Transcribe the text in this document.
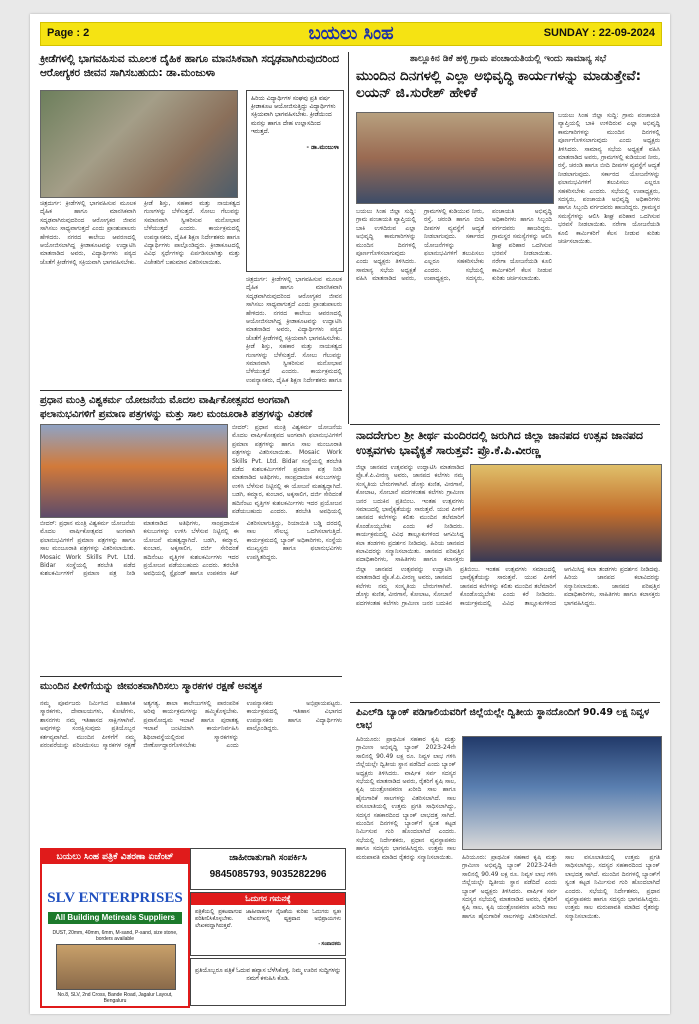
Page : 2	ಬಯಲು ಸಿಂಹ	SUNDAY : 22-09-2024
ಕ್ರೀಡೆಗಳಲ್ಲಿ ಭಾಗವಹಿಸುವ ಮೂಲಕ ದೈಹಿಕ ಹಾಗೂ ಮಾನಸಿಕವಾಗಿ ಸದೃಢವಾಗಿರುವುದರಿಂದ ಆರೋಗ್ಯಕರ ಜೀವನ ಸಾಗಿಸಬಹುದು: ಡಾ.ಮಂಜುಳಾ
ಹಿರಿಯ ವಿದ್ಯಾರ್ಥಿಗಳ ಸಂಘವು ಪ್ರತಿ ವರ್ಷ ಕ್ರೀಡಾಕೂಟ ಆಯೋಜಿಸುತ್ತಿದ್ದು ವಿದ್ಯಾರ್ಥಿಗಳು ಸಕ್ರಿಯವಾಗಿ ಭಾಗವಹಿಸಬೇಕು. ಕ್ರೀಡೆಯಿಂದ ಮನಸ್ಸು ಹಾಗೂ ದೇಹ ಉಲ್ಲಾಸದಿಂದ ಇರುತ್ತದೆ.
- ಡಾ.ಮಂಜುಳಾ
ಚಿತ್ರದುರ್ಗ: ಕ್ರೀಡೆಗಳಲ್ಲಿ ಭಾಗವಹಿಸುವ ಮೂಲಕ ದೈಹಿಕ ಹಾಗೂ ಮಾನಸಿಕವಾಗಿ ಸದೃಢವಾಗಿರುವುದರಿಂದ ಆರೋಗ್ಯಕರ ಜೀವನ ಸಾಗಿಸಲು ಸಾಧ್ಯವಾಗುತ್ತದೆ ಎಂದು ಪ್ರಾಂಶುಪಾಲರು ಹೇಳಿದರು. ನಗರದ ಕಾಲೇಜು ಆವರಣದಲ್ಲಿ ಆಯೋಜಿಸಲಾಗಿದ್ದ ಕ್ರೀಡಾಕೂಟವನ್ನು ಉದ್ಘಾಟಿಸಿ ಮಾತನಾಡಿದ ಅವರು, ವಿದ್ಯಾರ್ಥಿಗಳು ಪಠ್ಯದ ಜೊತೆಗೆ ಕ್ರೀಡೆಗಳಲ್ಲಿ ಸಕ್ರಿಯವಾಗಿ ಭಾಗವಹಿಸಬೇಕು. ಕ್ರೀಡೆ ಶಿಸ್ತು, ಸಹಕಾರ ಮತ್ತು ನಾಯಕತ್ವದ ಗುಣಗಳನ್ನು ಬೆಳೆಸುತ್ತದೆ. ಸೋಲು ಗೆಲುವನ್ನು ಸಮಾನವಾಗಿ ಸ್ವೀಕರಿಸುವ ಮನೋಭಾವ ಬೆಳೆಯುತ್ತದೆ ಎಂದರು. ಕಾರ್ಯಕ್ರಮದಲ್ಲಿ ಉಪನ್ಯಾಸಕರು, ದೈಹಿಕ ಶಿಕ್ಷಣ ನಿರ್ದೇಶಕರು ಹಾಗೂ ವಿದ್ಯಾರ್ಥಿಗಳು ಪಾಲ್ಗೊಂಡಿದ್ದರು. ಕ್ರೀಡಾಕೂಟದಲ್ಲಿ ವಿವಿಧ ಸ್ಪರ್ಧೆಗಳನ್ನು ಏರ್ಪಡಿಸಲಾಗಿತ್ತು ಮತ್ತು ವಿಜೇತರಿಗೆ ಬಹುಮಾನ ವಿತರಿಸಲಾಯಿತು.
ಚಿತ್ರದುರ್ಗ: ಕ್ರೀಡೆಗಳಲ್ಲಿ ಭಾಗವಹಿಸುವ ಮೂಲಕ ದೈಹಿಕ ಹಾಗೂ ಮಾನಸಿಕವಾಗಿ ಸದೃಢವಾಗಿರುವುದರಿಂದ ಆರೋಗ್ಯಕರ ಜೀವನ ಸಾಗಿಸಲು ಸಾಧ್ಯವಾಗುತ್ತದೆ ಎಂದು ಪ್ರಾಂಶುಪಾಲರು ಹೇಳಿದರು. ನಗರದ ಕಾಲೇಜು ಆವರಣದಲ್ಲಿ ಆಯೋಜಿಸಲಾಗಿದ್ದ ಕ್ರೀಡಾಕೂಟವನ್ನು ಉದ್ಘಾಟಿಸಿ ಮಾತನಾಡಿದ ಅವರು, ವಿದ್ಯಾರ್ಥಿಗಳು ಪಠ್ಯದ ಜೊತೆಗೆ ಕ್ರೀಡೆಗಳಲ್ಲಿ ಸಕ್ರಿಯವಾಗಿ ಭಾಗವಹಿಸಬೇಕು. ಕ್ರೀಡೆ ಶಿಸ್ತು, ಸಹಕಾರ ಮತ್ತು ನಾಯಕತ್ವದ ಗುಣಗಳನ್ನು ಬೆಳೆಸುತ್ತದೆ. ಸೋಲು ಗೆಲುವನ್ನು ಸಮಾನವಾಗಿ ಸ್ವೀಕರಿಸುವ ಮನೋಭಾವ ಬೆಳೆಯುತ್ತದೆ ಎಂದರು. ಕಾರ್ಯಕ್ರಮದಲ್ಲಿ ಉಪನ್ಯಾಸಕರು, ದೈಹಿಕ ಶಿಕ್ಷಣ ನಿರ್ದೇಶಕರು ಹಾಗೂ
ತಾಲ್ಲೂಕಿನ ಡಿಕೆ ಹಳ್ಳಿ ಗ್ರಾಮ ಪಂಚಾಯತಿಯಲ್ಲಿ ಇಂದು ಸಾಮಾನ್ಯ ಸಭೆ
ಮುಂದಿನ ದಿನಗಳಲ್ಲಿ ಎಲ್ಲಾ ಅಭಿವೃದ್ಧಿ ಕಾರ್ಯಗಳನ್ನು ಮಾಡುತ್ತೇವೆ: ಲಯನ್ ಜಿ.ಸುರೇಶ್ ಹೇಳಿಕೆ
ಬಯಲು ಸಿಂಹ ಜಿಲ್ಲಾ ಸುದ್ದಿ: ಗ್ರಾಮ ಪಂಚಾಯತಿ ವ್ಯಾಪ್ತಿಯಲ್ಲಿ ಬಾಕಿ ಉಳಿದಿರುವ ಎಲ್ಲಾ ಅಭಿವೃದ್ಧಿ ಕಾಮಗಾರಿಗಳನ್ನು ಮುಂದಿನ ದಿನಗಳಲ್ಲಿ ಪೂರ್ಣಗೊಳಿಸಲಾಗುವುದು ಎಂದು ಅಧ್ಯಕ್ಷರು ತಿಳಿಸಿದರು. ಸಾಮಾನ್ಯ ಸಭೆಯ ಅಧ್ಯಕ್ಷತೆ ವಹಿಸಿ ಮಾತನಾಡಿದ ಅವರು, ಗ್ರಾಮಗಳಲ್ಲಿ ಕುಡಿಯುವ ನೀರು, ರಸ್ತೆ, ಚರಂಡಿ ಹಾಗೂ ಬೀದಿ ದೀಪಗಳ ವ್ಯವಸ್ಥೆಗೆ ಆದ್ಯತೆ ನೀಡಲಾಗುವುದು. ಸರ್ಕಾರದ ಯೋಜನೆಗಳನ್ನು ಫಲಾನುಭವಿಗಳಿಗೆ ತಲುಪಿಸಲು ಎಲ್ಲರೂ ಸಹಕರಿಸಬೇಕು ಎಂದರು. ಸಭೆಯಲ್ಲಿ ಉಪಾಧ್ಯಕ್ಷರು, ಸದಸ್ಯರು, ಪಂಚಾಯತಿ ಅಭಿವೃದ್ಧಿ ಅಧಿಕಾರಿಗಳು ಹಾಗೂ ಸಿಬ್ಬಂದಿ ವರ್ಗದವರು ಹಾಜರಿದ್ದರು. ಗ್ರಾಮಸ್ಥರ ಸಮಸ್ಯೆಗಳನ್ನು ಆಲಿಸಿ ಶೀಘ್ರ ಪರಿಹಾರ ಒದಗಿಸುವ ಭರವಸೆ ನೀಡಲಾಯಿತು. ನರೇಗಾ ಯೋಜನೆಯಡಿ ಕೂಲಿ ಕಾರ್ಮಿಕರಿಗೆ ಕೆಲಸ ನೀಡುವ ಕುರಿತು ಚರ್ಚಿಸಲಾಯಿತು.
ಬಯಲು ಸಿಂಹ ಜಿಲ್ಲಾ ಸುದ್ದಿ: ಗ್ರಾಮ ಪಂಚಾಯತಿ ವ್ಯಾಪ್ತಿಯಲ್ಲಿ ಬಾಕಿ ಉಳಿದಿರುವ ಎಲ್ಲಾ ಅಭಿವೃದ್ಧಿ ಕಾಮಗಾರಿಗಳನ್ನು ಮುಂದಿನ ದಿನಗಳಲ್ಲಿ ಪೂರ್ಣಗೊಳಿಸಲಾಗುವುದು ಎಂದು ಅಧ್ಯಕ್ಷರು ತಿಳಿಸಿದರು. ಸಾಮಾನ್ಯ ಸಭೆಯ ಅಧ್ಯಕ್ಷತೆ ವಹಿಸಿ ಮಾತನಾಡಿದ ಅವರು, ಗ್ರಾಮಗಳಲ್ಲಿ ಕುಡಿಯುವ ನೀರು, ರಸ್ತೆ, ಚರಂಡಿ ಹಾಗೂ ಬೀದಿ ದೀಪಗಳ ವ್ಯವಸ್ಥೆಗೆ ಆದ್ಯತೆ ನೀಡಲಾಗುವುದು. ಸರ್ಕಾರದ ಯೋಜನೆಗಳನ್ನು ಫಲಾನುಭವಿಗಳಿಗೆ ತಲುಪಿಸಲು ಎಲ್ಲರೂ ಸಹಕರಿಸಬೇಕು ಎಂದರು. ಸಭೆಯಲ್ಲಿ ಉಪಾಧ್ಯಕ್ಷರು, ಸದಸ್ಯರು, ಪಂಚಾಯತಿ ಅಭಿವೃದ್ಧಿ ಅಧಿಕಾರಿಗಳು ಹಾಗೂ ಸಿಬ್ಬಂದಿ ವರ್ಗದವರು ಹಾಜರಿದ್ದರು. ಗ್ರಾಮಸ್ಥರ ಸಮಸ್ಯೆಗಳನ್ನು ಆಲಿಸಿ ಶೀಘ್ರ ಪರಿಹಾರ ಒದಗಿಸುವ ಭರವಸೆ ನೀಡಲಾಯಿತು. ನರೇಗಾ ಯೋಜನೆಯಡಿ ಕೂಲಿ ಕಾರ್ಮಿಕರಿಗೆ ಕೆಲಸ ನೀಡುವ ಕುರಿತು ಚರ್ಚಿಸಲಾಯಿತು.
ಪ್ರಧಾನ ಮಂತ್ರಿ ವಿಶ್ವಕರ್ಮ ಯೋಜನೆಯ ಮೊದಲ ವಾರ್ಷಿಕೋತ್ಸವದ ಅಂಗವಾಗಿ ಫಲಾನುಭವಿಗಳಿಗೆ ಪ್ರಮಾಣ ಪತ್ರಗಳನ್ನು ಮತ್ತು ಸಾಲ ಮಂಜೂರಾತಿ ಪತ್ರಗಳನ್ನು ವಿತರಣೆ
ಬೀದರ್: ಪ್ರಧಾನ ಮಂತ್ರಿ ವಿಶ್ವಕರ್ಮ ಯೋಜನೆಯ ಮೊದಲ ವಾರ್ಷಿಕೋತ್ಸವದ ಅಂಗವಾಗಿ ಫಲಾನುಭವಿಗಳಿಗೆ ಪ್ರಮಾಣ ಪತ್ರಗಳನ್ನು ಹಾಗೂ ಸಾಲ ಮಂಜೂರಾತಿ ಪತ್ರಗಳನ್ನು ವಿತರಿಸಲಾಯಿತು. Mosaic Work Skills Pvt. Ltd. Bidar ಸಂಸ್ಥೆಯಲ್ಲಿ ತರಬೇತಿ ಪಡೆದ ಕುಶಲಕರ್ಮಿಗಳಿಗೆ ಪ್ರಮಾಣ ಪತ್ರ ನೀಡಿ ಮಾತನಾಡಿದ ಅತಿಥಿಗಳು, ಸಾಂಪ್ರದಾಯಿಕ ಕಸುಬುಗಳನ್ನು ಉಳಿಸಿ ಬೆಳೆಸುವ ನಿಟ್ಟಿನಲ್ಲಿ ಈ ಯೋಜನೆ ಮಹತ್ವದ್ದಾಗಿದೆ. ಬಡಗಿ, ಕಮ್ಮಾರ, ಕುಂಬಾರ, ಅಕ್ಕಸಾಲಿಗ, ದರ್ಜಿ ಸೇರಿದಂತೆ ಹದಿನೆಂಟು ವೃತ್ತಿಗಳ ಕುಶಲಕರ್ಮಿಗಳು ಇದರ ಪ್ರಯೋಜನ ಪಡೆಯಬಹುದು ಎಂದರು. ತರಬೇತಿ ಅವಧಿಯಲ್ಲಿ
ಬೀದರ್: ಪ್ರಧಾನ ಮಂತ್ರಿ ವಿಶ್ವಕರ್ಮ ಯೋಜನೆಯ ಮೊದಲ ವಾರ್ಷಿಕೋತ್ಸವದ ಅಂಗವಾಗಿ ಫಲಾನುಭವಿಗಳಿಗೆ ಪ್ರಮಾಣ ಪತ್ರಗಳನ್ನು ಹಾಗೂ ಸಾಲ ಮಂಜೂರಾತಿ ಪತ್ರಗಳನ್ನು ವಿತರಿಸಲಾಯಿತು. Mosaic Work Skills Pvt. Ltd. Bidar ಸಂಸ್ಥೆಯಲ್ಲಿ ತರಬೇತಿ ಪಡೆದ ಕುಶಲಕರ್ಮಿಗಳಿಗೆ ಪ್ರಮಾಣ ಪತ್ರ ನೀಡಿ ಮಾತನಾಡಿದ ಅತಿಥಿಗಳು, ಸಾಂಪ್ರದಾಯಿಕ ಕಸುಬುಗಳನ್ನು ಉಳಿಸಿ ಬೆಳೆಸುವ ನಿಟ್ಟಿನಲ್ಲಿ ಈ ಯೋಜನೆ ಮಹತ್ವದ್ದಾಗಿದೆ. ಬಡಗಿ, ಕಮ್ಮಾರ, ಕುಂಬಾರ, ಅಕ್ಕಸಾಲಿಗ, ದರ್ಜಿ ಸೇರಿದಂತೆ ಹದಿನೆಂಟು ವೃತ್ತಿಗಳ ಕುಶಲಕರ್ಮಿಗಳು ಇದರ ಪ್ರಯೋಜನ ಪಡೆಯಬಹುದು ಎಂದರು. ತರಬೇತಿ ಅವಧಿಯಲ್ಲಿ ಸ್ಟೈಫಂಡ್ ಹಾಗೂ ಉಪಕರಣ ಕಿಟ್ ವಿತರಿಸಲಾಗುತ್ತಿದ್ದು, ರಿಯಾಯಿತಿ ಬಡ್ಡಿ ದರದಲ್ಲಿ ಸಾಲ ಸೌಲಭ್ಯ ಒದಗಿಸಲಾಗುತ್ತಿದೆ. ಕಾರ್ಯಕ್ರಮದಲ್ಲಿ ಬ್ಯಾಂಕ್ ಅಧಿಕಾರಿಗಳು, ಸಂಸ್ಥೆಯ ಮುಖ್ಯಸ್ಥರು ಹಾಗೂ ಫಲಾನುಭವಿಗಳು ಉಪಸ್ಥಿತರಿದ್ದರು.
ನಾದದೇಗುಲ ಶ್ರೀ ತೀರ್ಥ ಮಂದಿರದಲ್ಲಿ ಜರುಗಿದ ಜಿಲ್ಲಾ ಜಾನಪದ ಉತ್ಸವ ಜಾನಪದ ಉತ್ಸವಗಳು ಭಾವೈಕ್ಯತೆ ಸಾರುತ್ತವೆ: ಪ್ರೊ.ಕೆ.ಪಿ.ವೀರಣ್ಣ
ಜಿಲ್ಲಾ ಜಾನಪದ ಉತ್ಸವವನ್ನು ಉದ್ಘಾಟಿಸಿ ಮಾತನಾಡಿದ ಪ್ರೊ.ಕೆ.ಪಿ.ವೀರಣ್ಣ ಅವರು, ಜಾನಪದ ಕಲೆಗಳು ನಮ್ಮ ಸಂಸ್ಕೃತಿಯ ಬೇರುಗಳಾಗಿವೆ. ಡೊಳ್ಳು ಕುಣಿತ, ವೀರಗಾಸೆ, ಕೋಲಾಟ, ಸೋಬಾನೆ ಪದಗಳಂತಹ ಕಲೆಗಳು ಗ್ರಾಮೀಣ ಜನರ ಬದುಕಿನ ಪ್ರತಿಬಿಂಬ. ಇಂತಹ ಉತ್ಸವಗಳು ಸಮಾಜದಲ್ಲಿ ಭಾವೈಕ್ಯತೆಯನ್ನು ಸಾರುತ್ತವೆ. ಯುವ ಪೀಳಿಗೆ ಜಾನಪದ ಕಲೆಗಳನ್ನು ಕಲಿತು ಮುಂದಿನ ತಲೆಮಾರಿಗೆ ಕೊಂಡೊಯ್ಯಬೇಕು ಎಂದು ಕರೆ ನೀಡಿದರು. ಕಾರ್ಯಕ್ರಮದಲ್ಲಿ ವಿವಿಧ ತಾಲ್ಲೂಕುಗಳಿಂದ ಆಗಮಿಸಿದ್ದ ಕಲಾ ತಂಡಗಳು ಪ್ರದರ್ಶನ ನೀಡಿದವು. ಹಿರಿಯ ಜಾನಪದ ಕಲಾವಿದರನ್ನು ಸನ್ಮಾನಿಸಲಾಯಿತು. ಜಾನಪದ ಪರಿಷತ್ತಿನ ಪದಾಧಿಕಾರಿಗಳು, ಸಾಹಿತಿಗಳು ಹಾಗೂ ಕಲಾಸಕ್ತರು
ಜಿಲ್ಲಾ ಜಾನಪದ ಉತ್ಸವವನ್ನು ಉದ್ಘಾಟಿಸಿ ಮಾತನಾಡಿದ ಪ್ರೊ.ಕೆ.ಪಿ.ವೀರಣ್ಣ ಅವರು, ಜಾನಪದ ಕಲೆಗಳು ನಮ್ಮ ಸಂಸ್ಕೃತಿಯ ಬೇರುಗಳಾಗಿವೆ. ಡೊಳ್ಳು ಕುಣಿತ, ವೀರಗಾಸೆ, ಕೋಲಾಟ, ಸೋಬಾನೆ ಪದಗಳಂತಹ ಕಲೆಗಳು ಗ್ರಾಮೀಣ ಜನರ ಬದುಕಿನ ಪ್ರತಿಬಿಂಬ. ಇಂತಹ ಉತ್ಸವಗಳು ಸಮಾಜದಲ್ಲಿ ಭಾವೈಕ್ಯತೆಯನ್ನು ಸಾರುತ್ತವೆ. ಯುವ ಪೀಳಿಗೆ ಜಾನಪದ ಕಲೆಗಳನ್ನು ಕಲಿತು ಮುಂದಿನ ತಲೆಮಾರಿಗೆ ಕೊಂಡೊಯ್ಯಬೇಕು ಎಂದು ಕರೆ ನೀಡಿದರು. ಕಾರ್ಯಕ್ರಮದಲ್ಲಿ ವಿವಿಧ ತಾಲ್ಲೂಕುಗಳಿಂದ ಆಗಮಿಸಿದ್ದ ಕಲಾ ತಂಡಗಳು ಪ್ರದರ್ಶನ ನೀಡಿದವು. ಹಿರಿಯ ಜಾನಪದ ಕಲಾವಿದರನ್ನು ಸನ್ಮಾನಿಸಲಾಯಿತು. ಜಾನಪದ ಪರಿಷತ್ತಿನ ಪದಾಧಿಕಾರಿಗಳು, ಸಾಹಿತಿಗಳು ಹಾಗೂ ಕಲಾಸಕ್ತರು ಭಾಗವಹಿಸಿದ್ದರು.
ಮುಂದಿನ ಪೀಳಿಗೆಯನ್ನು ಜೀವಂತವಾಗಿರಿಸಲು ಸ್ಮಾರಕಗಳ ರಕ್ಷಣೆ ಅವಶ್ಯಕ
ನಮ್ಮ ಪೂರ್ವಜರು ನಿರ್ಮಿಸಿದ ಐತಿಹಾಸಿಕ ಸ್ಮಾರಕಗಳು, ದೇವಾಲಯಗಳು, ಕೋಟೆಗಳು, ಶಾಸನಗಳು ನಮ್ಮ ಇತಿಹಾಸದ ಸಾಕ್ಷಿಗಳಾಗಿವೆ. ಅವುಗಳನ್ನು ಸಂರಕ್ಷಿಸುವುದು ಪ್ರತಿಯೊಬ್ಬರ ಕರ್ತವ್ಯವಾಗಿದೆ. ಮುಂದಿನ ಪೀಳಿಗೆಗೆ ನಮ್ಮ ಪರಂಪರೆಯನ್ನು ಪರಿಚಯಿಸಲು ಸ್ಮಾರಕಗಳ ರಕ್ಷಣೆ ಅತ್ಯಗತ್ಯ. ಶಾಲಾ ಕಾಲೇಜುಗಳಲ್ಲಿ ಪಾರಂಪರಿಕ ಅರಿವು ಕಾರ್ಯಕ್ರಮಗಳನ್ನು ಹಮ್ಮಿಕೊಳ್ಳಬೇಕು. ಪ್ರವಾಸೋದ್ಯಮ ಇಲಾಖೆ ಹಾಗೂ ಪುರಾತತ್ವ ಇಲಾಖೆ ಜಂಟಿಯಾಗಿ ಕಾರ್ಯನಿರ್ವಹಿಸಿ ಶಿಥಿಲಾವಸ್ಥೆಯಲ್ಲಿರುವ ಸ್ಮಾರಕಗಳನ್ನು ಜೀರ್ಣೋದ್ಧಾರಗೊಳಿಸಬೇಕು ಎಂದು ಉಪನ್ಯಾಸಕರು ಅಭಿಪ್ರಾಯಪಟ್ಟರು. ಕಾರ್ಯಕ್ರಮದಲ್ಲಿ ಇತಿಹಾಸ ವಿಭಾಗದ ಉಪನ್ಯಾಸಕರು ಹಾಗೂ ವಿದ್ಯಾರ್ಥಿಗಳು ಪಾಲ್ಗೊಂಡಿದ್ದರು.
ಪಿಎಲ್‌ಡಿ ಬ್ಯಾಂಕ್ ಪಡಿಗಾಲಿಯವರಿಗೆ ಜಿಲ್ಲೆಯಲ್ಲೇ ದ್ವಿತೀಯ ಸ್ಥಾನದೊಂದಿಗೆ 90.49 ಲಕ್ಷ ನಿವ್ವಳ ಲಾಭ
ಹಿರಿಯೂರು: ಪ್ರಾಥಮಿಕ ಸಹಕಾರ ಕೃಷಿ ಮತ್ತು ಗ್ರಾಮೀಣ ಅಭಿವೃದ್ಧಿ ಬ್ಯಾಂಕ್ 2023-24ನೇ ಸಾಲಿನಲ್ಲಿ 90.49 ಲಕ್ಷ ರೂ. ನಿವ್ವಳ ಲಾಭ ಗಳಿಸಿ ಜಿಲ್ಲೆಯಲ್ಲೇ ದ್ವಿತೀಯ ಸ್ಥಾನ ಪಡೆದಿದೆ ಎಂದು ಬ್ಯಾಂಕ್ ಅಧ್ಯಕ್ಷರು ತಿಳಿಸಿದರು. ವಾರ್ಷಿಕ ಸರ್ವ ಸದಸ್ಯರ ಸಭೆಯಲ್ಲಿ ಮಾತನಾಡಿದ ಅವರು, ರೈತರಿಗೆ ಕೃಷಿ ಸಾಲ, ಕೃಷಿ ಯಂತ್ರೋಪಕರಣ ಖರೀದಿ ಸಾಲ ಹಾಗೂ ಹೈನುಗಾರಿಕೆ ಸಾಲಗಳನ್ನು ವಿತರಿಸಲಾಗಿದೆ. ಸಾಲ ವಸೂಲಾತಿಯಲ್ಲಿ ಉತ್ತಮ ಪ್ರಗತಿ ಸಾಧಿಸಲಾಗಿದ್ದು, ಸದಸ್ಯರ ಸಹಕಾರದಿಂದ ಬ್ಯಾಂಕ್ ಲಾಭದತ್ತ ಸಾಗಿದೆ. ಮುಂದಿನ ದಿನಗಳಲ್ಲಿ ಬ್ಯಾಂಕ್‌ಗೆ ಸ್ವಂತ ಕಟ್ಟಡ ನಿರ್ಮಿಸುವ ಗುರಿ ಹೊಂದಲಾಗಿದೆ ಎಂದರು. ಸಭೆಯಲ್ಲಿ ನಿರ್ದೇಶಕರು, ಪ್ರಧಾನ ವ್ಯವಸ್ಥಾಪಕರು ಹಾಗೂ ಸದಸ್ಯರು ಭಾಗವಹಿಸಿದ್ದರು. ಉತ್ತಮ ಸಾಲ ಮರುಪಾವತಿ ಮಾಡಿದ ರೈತರನ್ನು ಸನ್ಮಾನಿಸಲಾಯಿತು.	ಹಿರಿಯೂರು: ಪ್ರಾಥಮಿಕ ಸಹಕಾರ ಕೃಷಿ ಮತ್ತು ಗ್ರಾಮೀಣ ಅಭಿವೃದ್ಧಿ ಬ್ಯಾಂಕ್ 2023-24ನೇ ಸಾಲಿನಲ್ಲಿ 90.49 ಲಕ್ಷ ರೂ. ನಿವ್ವಳ ಲಾಭ ಗಳಿಸಿ ಜಿಲ್ಲೆಯಲ್ಲೇ ದ್ವಿತೀಯ ಸ್ಥಾನ ಪಡೆದಿದೆ ಎಂದು ಬ್ಯಾಂಕ್ ಅಧ್ಯಕ್ಷರು ತಿಳಿಸಿದರು. ವಾರ್ಷಿಕ ಸರ್ವ ಸದಸ್ಯರ ಸಭೆಯಲ್ಲಿ ಮಾತನಾಡಿದ ಅವರು, ರೈತರಿಗೆ ಕೃಷಿ ಸಾಲ, ಕೃಷಿ ಯಂತ್ರೋಪಕರಣ ಖರೀದಿ ಸಾಲ ಹಾಗೂ ಹೈನುಗಾರಿಕೆ ಸಾಲಗಳನ್ನು ವಿತರಿಸಲಾಗಿದೆ. ಸಾಲ ವಸೂಲಾತಿಯಲ್ಲಿ ಉತ್ತಮ ಪ್ರಗತಿ ಸಾಧಿಸಲಾಗಿದ್ದು, ಸದಸ್ಯರ ಸಹಕಾರದಿಂದ ಬ್ಯಾಂಕ್ ಲಾಭದತ್ತ ಸಾಗಿದೆ. ಮುಂದಿನ ದಿನಗಳಲ್ಲಿ ಬ್ಯಾಂಕ್‌ಗೆ ಸ್ವಂತ ಕಟ್ಟಡ ನಿರ್ಮಿಸುವ ಗುರಿ ಹೊಂದಲಾಗಿದೆ ಎಂದರು. ಸಭೆಯಲ್ಲಿ ನಿರ್ದೇಶಕರು, ಪ್ರಧಾನ ವ್ಯವಸ್ಥಾಪಕರು ಹಾಗೂ ಸದಸ್ಯರು ಭಾಗವಹಿಸಿದ್ದರು. ಉತ್ತಮ ಸಾಲ ಮರುಪಾವತಿ ಮಾಡಿದ ರೈತರನ್ನು ಸನ್ಮಾನಿಸಲಾಯಿತು.
ಬಯಲು ಸಿಂಹ ಪತ್ರಿಕೆ ವಿತರಣಾ ಏಜೆಂಟ್
SLV ENTERPRISES
All Building Metireals Suppliers
DUST, 20mm, 40mm, 6mm, M-sand, P-sand, size stone, borders available
No.8, SLV, 2nd Cross, Bande Road, Jagalur Layout, Bengaluru
ಜಾಹೀರಾತುಗಾಗಿ ಸಂಪರ್ಕಿಸಿ
9845085793, 9035282296
ಓದುಗರ ಗಮನಕ್ಕೆ
ಪತ್ರಿಕೆಯಲ್ಲಿ ಪ್ರಕಟವಾಗುವ ಜಾಹೀರಾತುಗಳ ನೈಜತೆಯ ಕುರಿತು ಓದುಗರು ಸ್ವತಃ ಪರಿಶೀಲಿಸಿಕೊಳ್ಳಬೇಕು. ಲೇಖನಗಳಲ್ಲಿ ವ್ಯಕ್ತವಾದ ಅಭಿಪ್ರಾಯಗಳು ಲೇಖಕರದ್ದಾಗಿರುತ್ತವೆ.
- ಸಂಪಾದಕರು
ಪ್ರತಿಯೊಬ್ಬರೂ ಪತ್ರಿಕೆ ಓದುವ ಹವ್ಯಾಸ ಬೆಳೆಸಿಕೊಳ್ಳಿ. ನಿಮ್ಮ ಊರಿನ ಸುದ್ದಿಗಳನ್ನು ನಮಗೆ ಕಳುಹಿಸಿ ಕೊಡಿ.
